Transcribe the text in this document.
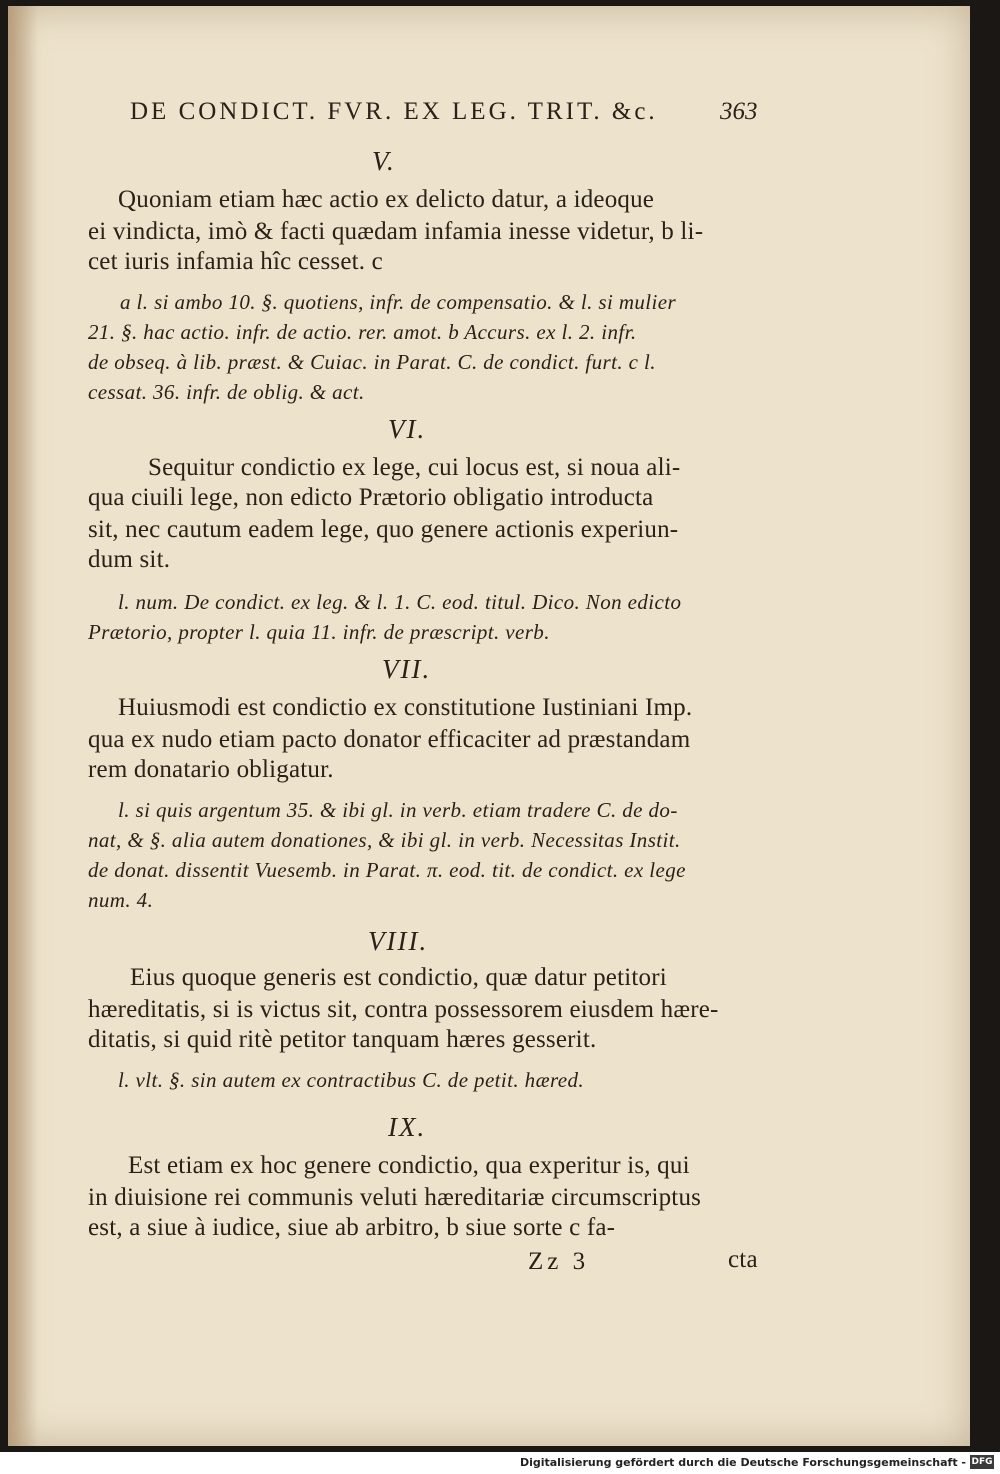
DE CONDICT. FVR. EX LEG. TRIT. &c. 363
V.
Quoniam etiam hæc actio ex delicto datur, a ideoque
ei vindicta, imò & facti quædam infamia inesse videtur, b li-
cet iuris infamia hîc cesset. c
a l. si ambo 10. §. quotiens, infr. de compensatio. & l. si mulier
21. §. hac actio. infr. de actio. rer. amot. b Accurs. ex l. 2. infr.
de obseq. à lib. præst. & Cuiac. in Parat. C. de condict. furt. c l.
cessat. 36. infr. de oblig. & act.
VI.
Sequitur condictio ex lege, cui locus est, si noua ali-
qua ciuili lege, non edicto Prætorio obligatio introducta
sit, nec cautum eadem lege, quo genere actionis experiun-
dum sit.
l. num. De condict. ex leg. & l. 1. C. eod. titul. Dico. Non edicto
Prætorio, propter l. quia 11. infr. de præscript. verb.
VII.
Huiusmodi est condictio ex constitutione Iustiniani Imp.
qua ex nudo etiam pacto donator efficaciter ad præstandam
rem donatario obligatur.
l. si quis argentum 35. & ibi gl. in verb. etiam tradere C. de do-
nat, & §. alia autem donationes, & ibi gl. in verb. Necessitas Instit.
de donat. dissentit Vuesemb. in Parat. π. eod. tit. de condict. ex lege
num. 4.
VIII.
Eius quoque generis est condictio, quæ datur petitori
hæreditatis, si is victus sit, contra possessorem eiusdem hære-
ditatis, si quid ritè petitor tanquam hæres gesserit.
l. vlt. §. sin autem ex contractibus C. de petit. hæred.
IX.
Est etiam ex hoc genere condictio, qua experitur is, qui
in diuisione rei communis veluti hæreditariæ circumscriptus
est, a siue à iudice, siue ab arbitro, b siue sorte c fa-
Zz 3	cta
Digitalisierung gefördert durch die Deutsche Forschungsgemeinschaft - DFG
